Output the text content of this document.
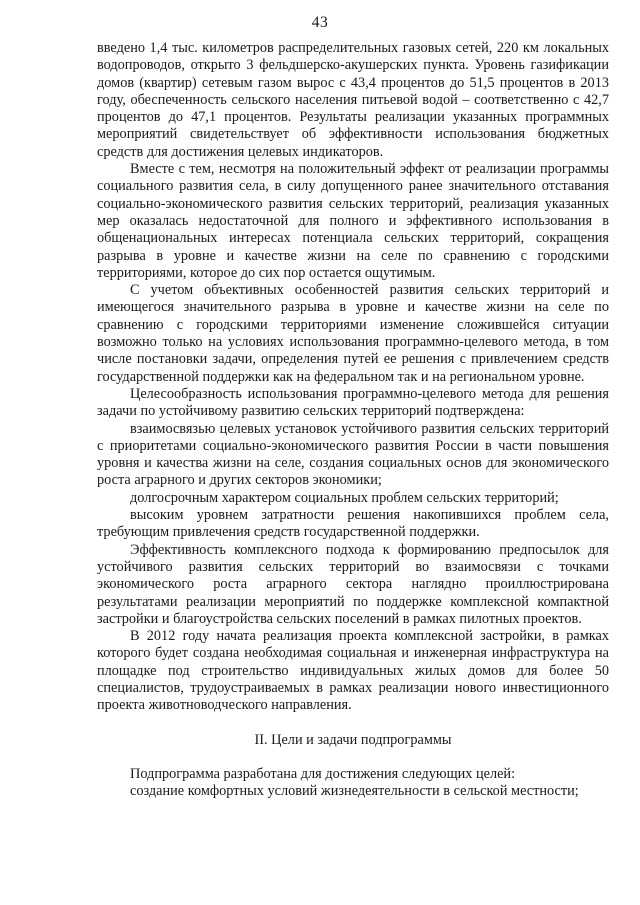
43

введено 1,4 тыс. километров распределительных газовых сетей, 220 км локальных водопроводов, открыто 3 фельдшерско-акушерских пункта. Уровень газификации домов (квартир) сетевым газом вырос с 43,4 процентов до 51,5 процентов в 2013 году, обеспеченность сельского населения питьевой водой – соответственно с 42,7 процентов до 47,1 процентов. Результаты реализации указанных программных мероприятий свидетельствует об эффективности использования бюджетных средств для достижения целевых индикаторов.

Вместе с тем, несмотря на положительный эффект от реализации программы социального развития села, в силу допущенного ранее значительного отставания социально-экономического развития сельских территорий, реализация указанных мер оказалась недостаточной для полного и эффективного использования в общенациональных интересах потенциала сельских территорий, сокращения разрыва в уровне и качестве жизни на селе по сравнению с городскими территориями, которое до сих пор остается ощутимым.

С учетом объективных особенностей развития сельских территорий и имеющегося значительного разрыва в уровне и качестве жизни на селе по сравнению с городскими территориями изменение сложившейся ситуации возможно только на условиях использования программно-целевого метода, в том числе постановки задачи, определения путей ее решения с привлечением средств государственной поддержки как на федеральном так и на региональном уровне.

Целесообразность использования программно-целевого метода для решения задачи по устойчивому развитию сельских территорий подтверждена:

взаимосвязью целевых установок устойчивого развития сельских территорий с приоритетами социально-экономического развития России в части повышения уровня и качества жизни на селе, создания социальных основ для экономического роста аграрного и других секторов экономики;

долгосрочным характером социальных проблем сельских территорий;

высоким уровнем затратности решения накопившихся проблем села, требующим привлечения средств государственной поддержки.

Эффективность комплексного подхода к формированию предпосылок для устойчивого развития сельских территорий во взаимосвязи с точками экономического роста аграрного сектора наглядно проиллюстрирована результатами реализации мероприятий по поддержке комплексной компактной застройки и благоустройства сельских поселений в рамках пилотных проектов.

В 2012 году начата реализация проекта комплексной застройки, в рамках которого будет создана необходимая социальная и инженерная инфраструктура на площадке под строительство индивидуальных жилых домов для более 50 специалистов, трудоустраиваемых в рамках реализации нового инвестиционного проекта животноводческого направления.

II. Цели и задачи подпрограммы

Подпрограмма разработана для достижения следующих целей:

создание комфортных условий жизнедеятельности в сельской местности;
